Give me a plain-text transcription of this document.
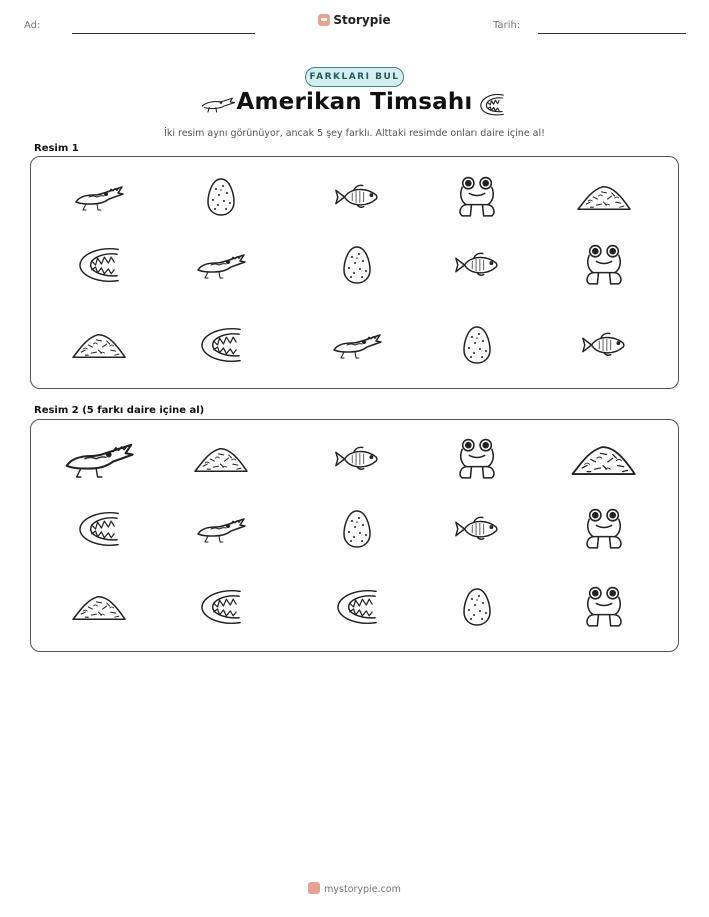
Ad:	Storypie	Tarih:
FARKLARI BUL
Amerikan Timsahı
İki resim aynı görünüyor, ancak 5 şey farklı. Alttaki resimde onları daire içine al!
Resim 1
Resim 2 (5 farkı daire içine al)
mystorypie.com
